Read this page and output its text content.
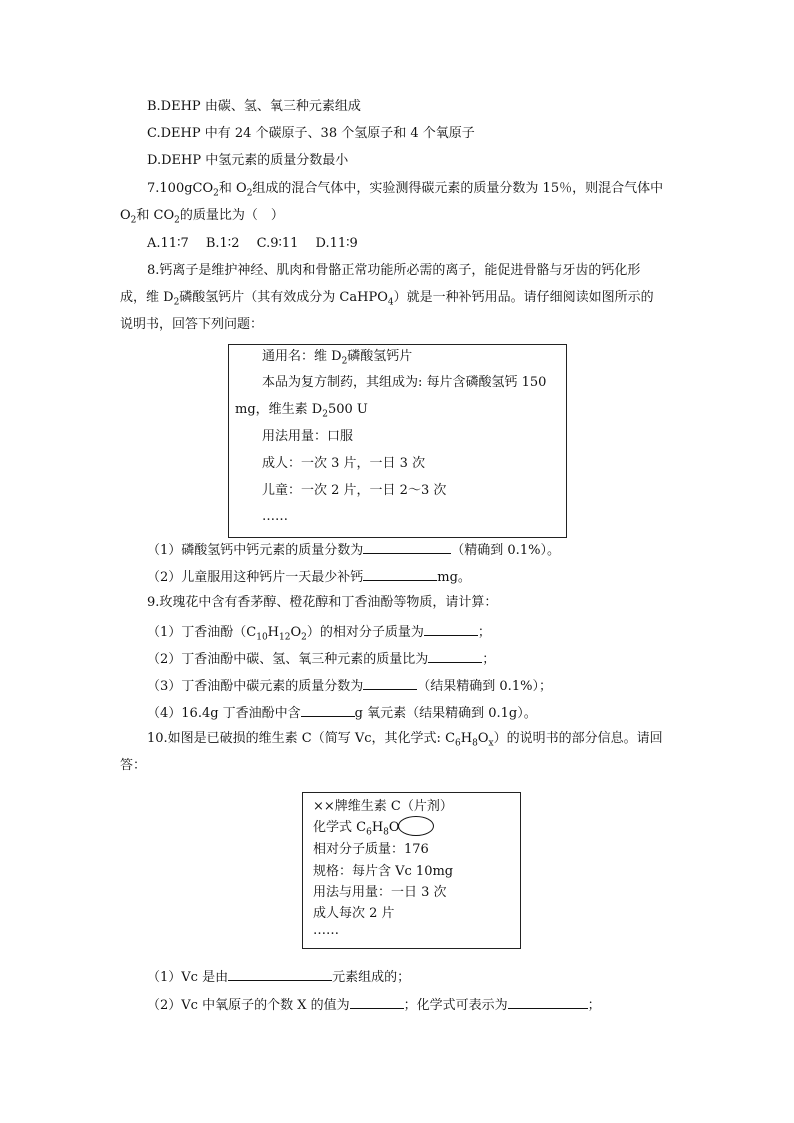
B.DEHP 由碳、氢、氧三种元素组成
C.DEHP 中有 24 个碳原子、38 个氢原子和 4 个氧原子
D.DEHP 中氢元素的质量分数最小
7.100gCO$_2$和 $O_2$组成的混合气体中，实验测得碳元素的质量分数为 15％，则混合气体中
$O_2$和 $CO_2$的质量比为（　）
A.11∶7　 B.1∶2　 C.9∶11　 D.11∶9
8.钙离子是维护神经、肌肉和骨骼正常功能所必需的离子，能促进骨骼与牙齿的钙化形
成，维 $D_2$磷酸氢钙片（其有效成分为 CaHPO$_4$）就是一种补钙用品。请仔细阅读如图所示的
说明书，回答下列问题：
通用名：维 $D_2$磷酸氢钙片
本品为复方制药，其组成为: 每片含磷酸氢钙 150
mg，维生素 $D_2500$ U
用法用量：口服
成人：一次 3 片，一日 3 次
儿童：一次 2 片，一日 2～3 次
……
（1）磷酸氢钙中钙元素的质量分数为	（精确到 0.1%）。
（2）儿童服用这种钙片一天最少补钙	mg。
9.玫瑰花中含有香茅醇、橙花醇和丁香油酚等物质，请计算：
（1）丁香油酚$(C_{10}H_{12}O_2)$的相对分子质量为	；
（2）丁香油酚中碳、氢、氧三种元素的质量比为	；
（3）丁香油酚中碳元素的质量分数为	（结果精确到 0.1%）；
（4）16.4g 丁香油酚中含	g 氧元素（结果精确到 0.1g）。
10.如图是已破损的维生素 C（简写 Vc，其化学式: $C_6H_8O_x$）的说明书的部分信息。请回
答：
××牌维生素 C（片剂）
化学式 $C_6H_8O$
相对分子质量：176
规格：每片含 Vc 10mg
用法与用量：一日 3 次
成人每次 2 片
……
（1）Vc 是由	元素组成的；
（2）Vc 中氧原子的个数 X 的值为	；化学式可表示为	；
